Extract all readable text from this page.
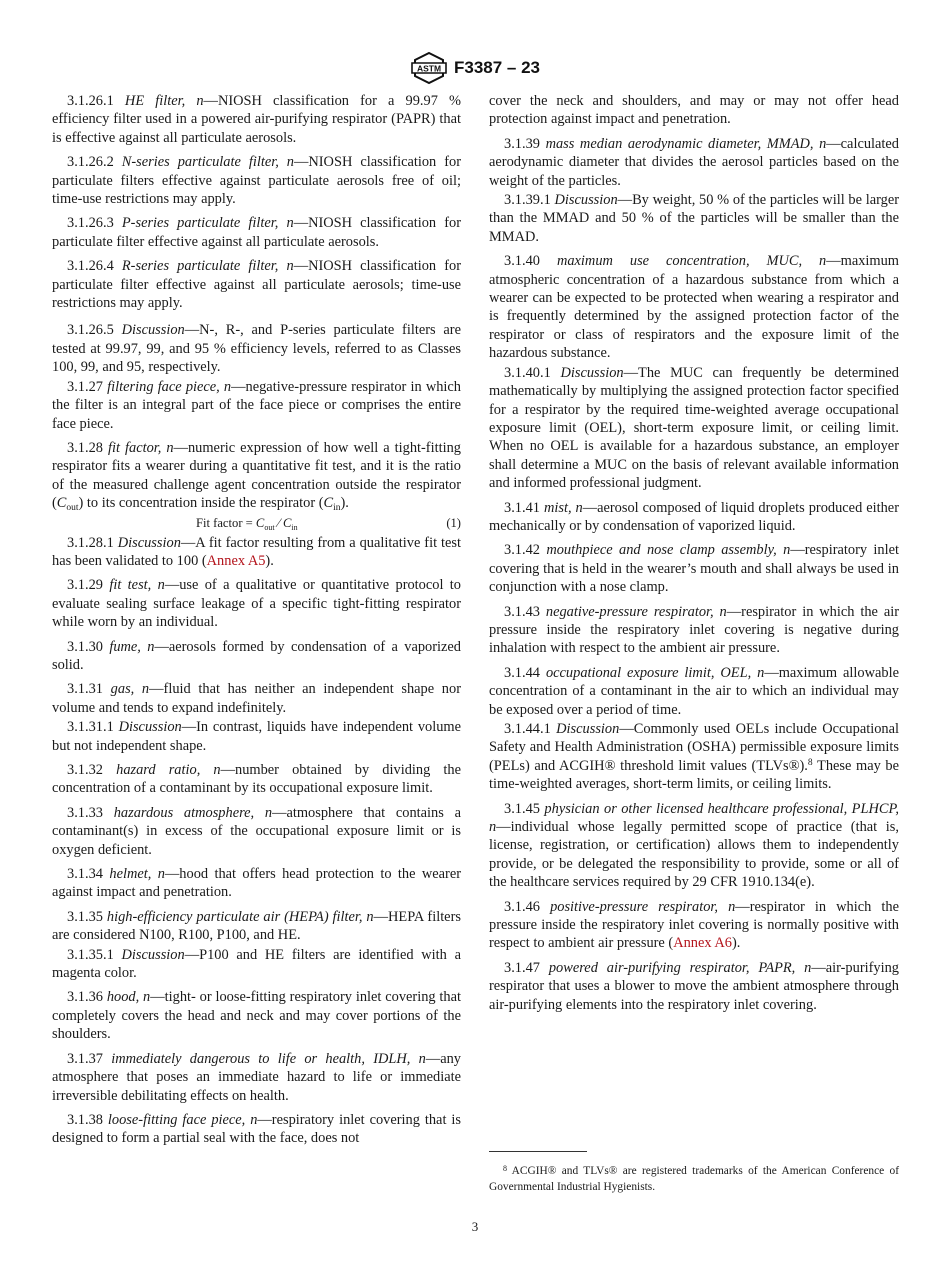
ASTM F3387 – 23

3.1.26.1 HE filter, n—NIOSH classification for a 99.97 % efficiency filter used in a powered air-purifying respirator (PAPR) that is effective against all particulate aerosols.

3.1.26.2 N-series particulate filter, n—NIOSH classification for particulate filters effective against particulate aerosols free of oil; time-use restrictions may apply.

3.1.26.3 P-series particulate filter, n—NIOSH classification for particulate filter effective against all particulate aerosols.

3.1.26.4 R-series particulate filter, n—NIOSH classification for particulate filter effective against all particulate aerosols; time-use restrictions may apply.

3.1.26.5 Discussion—N-, R-, and P-series particulate filters are tested at 99.97, 99, and 95 % efficiency levels, referred to as Classes 100, 99, and 95, respectively.

3.1.27 filtering face piece, n—negative-pressure respirator in which the filter is an integral part of the face piece or comprises the entire face piece.

3.1.28 fit factor, n—numeric expression of how well a tight-fitting respirator fits a wearer during a quantitative fit test, and it is the ratio of the measured challenge agent concentration outside the respirator $(C_{out})$ to its concentration inside the respirator $(C_{in})$.

Fit factor = $C_{out}$ ⁄ $C_{in}$	(1)

3.1.28.1 Discussion—A fit factor resulting from a qualitative fit test has been validated to 100 (Annex A5).

3.1.29 fit test, n—use of a qualitative or quantitative protocol to evaluate sealing surface leakage of a specific tight-fitting respirator while worn by an individual.

3.1.30 fume, n—aerosols formed by condensation of a vaporized solid.

3.1.31 gas, n—fluid that has neither an independent shape nor volume and tends to expand indefinitely.

3.1.31.1 Discussion—In contrast, liquids have independent volume but not independent shape.

3.1.32 hazard ratio, n—number obtained by dividing the concentration of a contaminant by its occupational exposure limit.

3.1.33 hazardous atmosphere, n—atmosphere that contains a contaminant(s) in excess of the occupational exposure limit or is oxygen deficient.

3.1.34 helmet, n—hood that offers head protection to the wearer against impact and penetration.

3.1.35 high-efficiency particulate air (HEPA) filter, n—HEPA filters are considered N100, R100, P100, and HE.

3.1.35.1 Discussion—P100 and HE filters are identified with a magenta color.

3.1.36 hood, n—tight- or loose-fitting respiratory inlet covering that completely covers the head and neck and may cover portions of the shoulders.

3.1.37 immediately dangerous to life or health, IDLH, n—any atmosphere that poses an immediate hazard to life or immediate irreversible debilitating effects on health.

3.1.38 loose-fitting face piece, n—respiratory inlet covering that is designed to form a partial seal with the face, does not

cover the neck and shoulders, and may or may not offer head protection against impact and penetration.

3.1.39 mass median aerodynamic diameter, MMAD, n—calculated aerodynamic diameter that divides the aerosol particles based on the weight of the particles.

3.1.39.1 Discussion—By weight, 50 % of the particles will be larger than the MMAD and 50 % of the particles will be smaller than the MMAD.

3.1.40 maximum use concentration, MUC, n—maximum atmospheric concentration of a hazardous substance from which a wearer can be expected to be protected when wearing a respirator and is frequently determined by the assigned protection factor of the respirator or class of respirators and the exposure limit of the hazardous substance.

3.1.40.1 Discussion—The MUC can frequently be determined mathematically by multiplying the assigned protection factor specified for a respirator by the required time-weighted average occupational exposure limit (OEL), short-term exposure limit, or ceiling limit. When no OEL is available for a hazardous substance, an employer shall determine a MUC on the basis of relevant available information and informed professional judgment.

3.1.41 mist, n—aerosol composed of liquid droplets produced either mechanically or by condensation of vaporized liquid.

3.1.42 mouthpiece and nose clamp assembly, n—respiratory inlet covering that is held in the wearer’s mouth and shall always be used in conjunction with a nose clamp.

3.1.43 negative-pressure respirator, n—respirator in which the air pressure inside the respiratory inlet covering is negative during inhalation with respect to the ambient air pressure.

3.1.44 occupational exposure limit, OEL, n—maximum allowable concentration of a contaminant in the air to which an individual may be exposed over a period of time.

3.1.44.1 Discussion—Commonly used OELs include Occupational Safety and Health Administration (OSHA) permissible exposure limits (PELs) and ACGIH® threshold limit values (TLVs®).$^8$ These may be time-weighted averages, short-term limits, or ceiling limits.

3.1.45 physician or other licensed healthcare professional, PLHCP, n—individual whose legally permitted scope of practice (that is, license, registration, or certification) allows them to independently provide, or be delegated the responsibility to provide, some or all of the healthcare services required by 29 CFR 1910.134(e).

3.1.46 positive-pressure respirator, n—respirator in which the pressure inside the respiratory inlet covering is normally positive with respect to ambient air pressure (Annex A6).

3.1.47 powered air-purifying respirator, PAPR, n—air-purifying respirator that uses a blower to move the ambient atmosphere through air-purifying elements into the respiratory inlet covering.

$^8$ ACGIH® and TLVs® are registered trademarks of the American Conference of Governmental Industrial Hygienists.

3
